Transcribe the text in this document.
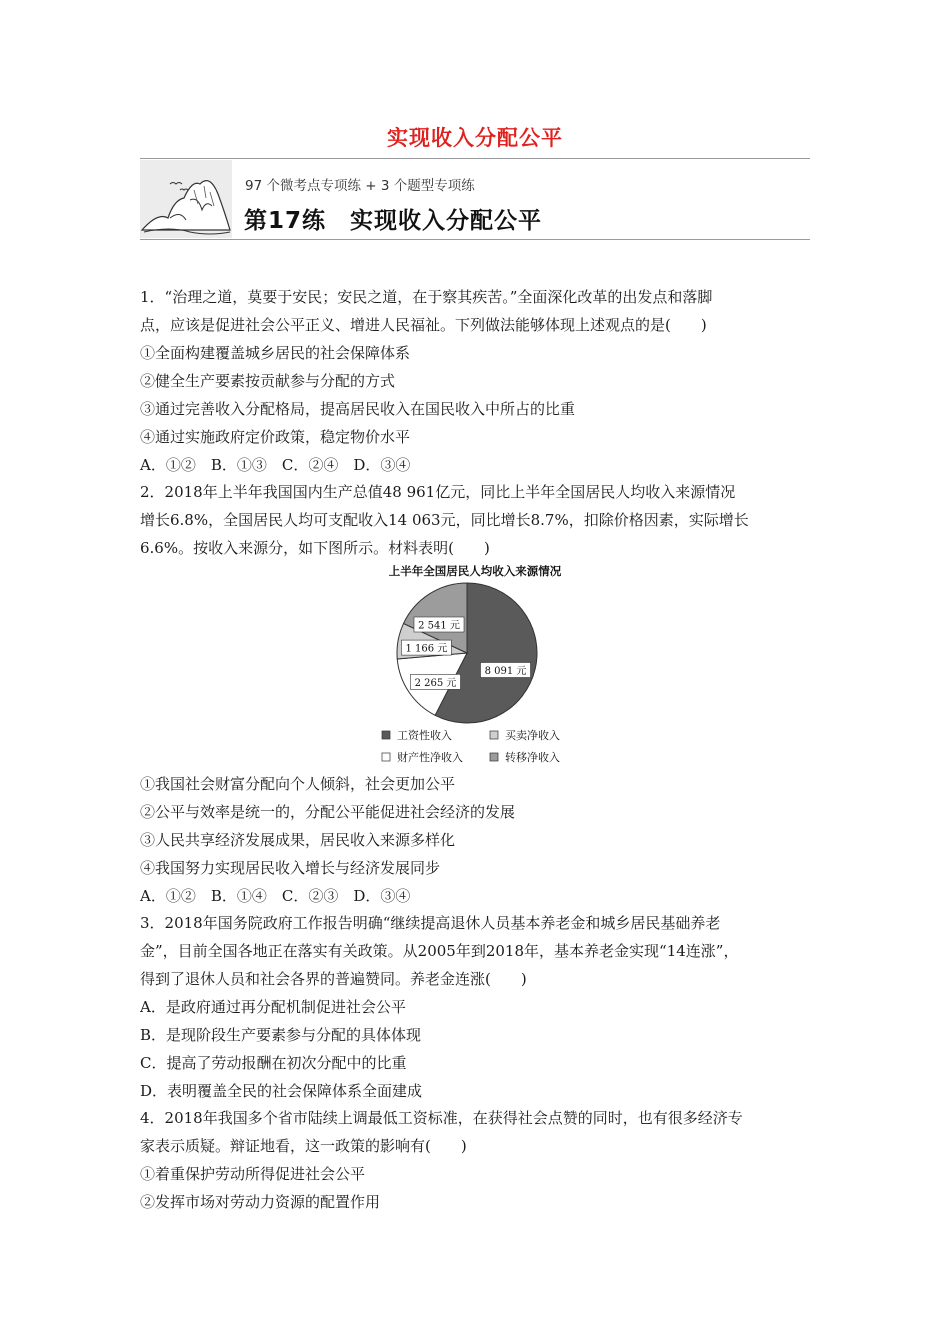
实现收入分配公平
97 个微考点专项练 + 3 个题型专项练
第17练　实现收入分配公平
1．“治理之道，莫要于安民；安民之道，在于察其疾苦。”全面深化改革的出发点和落脚
点，应该是促进社会公平正义、增进人民福祉。下列做法能够体现上述观点的是(　　)
①全面构建覆盖城乡居民的社会保障体系
②健全生产要素按贡献参与分配的方式
③通过完善收入分配格局，提高居民收入在国民收入中所占的比重
④通过实施政府定价政策，稳定物价水平
A．①②　B．①③　C．②④　D．③④
2．2018年上半年我国国内生产总值48 961亿元，同比上半年全国居民人均收入来源情况
增长6.8%，全国居民人均可支配收入14 063元，同比增长8.7%，扣除价格因素，实际增长
6.6%。按收入来源分，如下图所示。材料表明(　　)
上半年全国居民人均收入来源情况
8 091 元
2 265 元
1 166 元
2 541 元
工资性收入	买卖净收入
财产性净收入	转移净收入
①我国社会财富分配向个人倾斜，社会更加公平
②公平与效率是统一的，分配公平能促进社会经济的发展
③人民共享经济发展成果，居民收入来源多样化
④我国努力实现居民收入增长与经济发展同步
A．①②　B．①④　C．②③　D．③④
3．2018年国务院政府工作报告明确“继续提高退休人员基本养老金和城乡居民基础养老
金”，目前全国各地正在落实有关政策。从2005年到2018年，基本养老金实现“14连涨”，
得到了退休人员和社会各界的普遍赞同。养老金连涨(　　)
A．是政府通过再分配机制促进社会公平
B．是现阶段生产要素参与分配的具体体现
C．提高了劳动报酬在初次分配中的比重
D．表明覆盖全民的社会保障体系全面建成
4．2018年我国多个省市陆续上调最低工资标准，在获得社会点赞的同时，也有很多经济专
家表示质疑。辩证地看，这一政策的影响有(　　)
①着重保护劳动所得促进社会公平
②发挥市场对劳动力资源的配置作用
